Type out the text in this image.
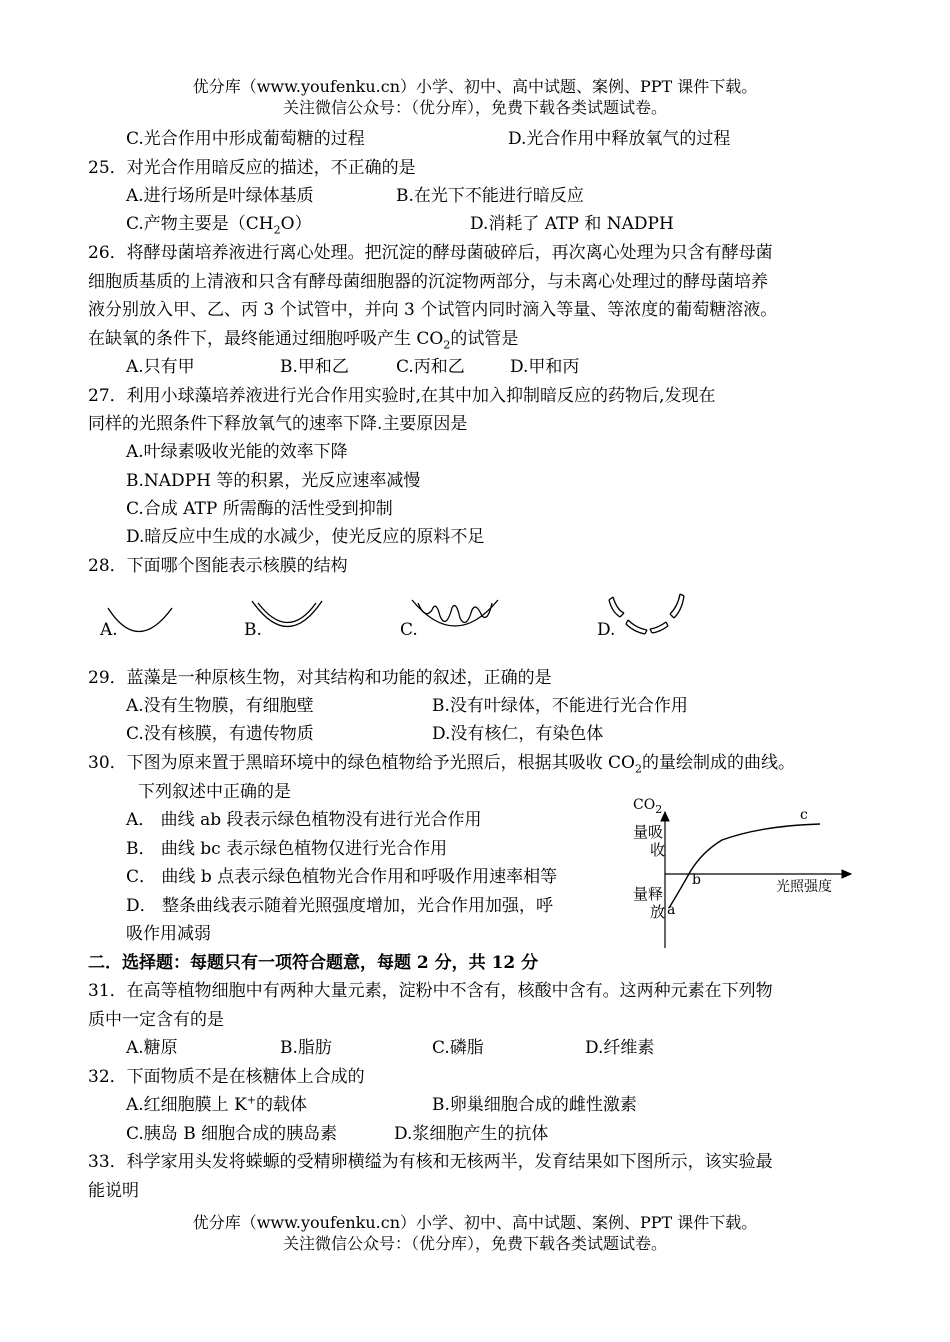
优分库（www.youfenku.cn）小学、初中、高中试题、案例、PPT 课件下载。
关注微信公众号：（优分库），免费下载各类试题试卷。
C.光合作用中形成葡萄糖的过程	D.光合作用中释放氧气的过程
25．对光合作用暗反应的描述，不正确的是
A.进行场所是叶绿体基质	B.在光下不能进行暗反应
C.产物主要是$(CH_2O)$	D.消耗了 ATP 和 NADPH
26．将酵母菌培养液进行离心处理。把沉淀的酵母菌破碎后，再次离心处理为只含有酵母菌
细胞质基质的上清液和只含有酵母菌细胞器的沉淀物两部分，与未离心处理过的酵母菌培养
液分别放入甲、乙、丙 3 个试管中，并向 3 个试管内同时滴入等量、等浓度的葡萄糖溶液。
在缺氧的条件下，最终能通过细胞呼吸产生 $CO_2$的试管是
A.只有甲	B.甲和乙	C.丙和乙	D.甲和丙
27．利用小球藻培养液进行光合作用实验时,在其中加入抑制暗反应的药物后,发现在
同样的光照条件下释放氧气的速率下降.主要原因是
A.叶绿素吸收光能的效率下降
B.NADPH 等的积累，光反应速率减慢
C.合成 ATP 所需酶的活性受到抑制
D.暗反应中生成的水减少，使光反应的原料不足
28．下面哪个图能表示核膜的结构
A.	B.	C.	D.
29．蓝藻是一种原核生物，对其结构和功能的叙述，正确的是
A.没有生物膜，有细胞壁	B.没有叶绿体，不能进行光合作用
C.没有核膜，有遗传物质	D.没有核仁，有染色体
30．下图为原来置于黑暗环境中的绿色植物给予光照后，根据其吸收 $CO_2$的量绘制成的曲线。
下列叙述中正确的是
A． 曲线 ab 段表示绿色植物没有进行光合作用
B． 曲线 bc 表示绿色植物仅进行光合作用
C． 曲线 b 点表示绿色植物光合作用和呼吸作用速率相等
D． 整条曲线表示随着光照强度增加，光合作用加强，呼
吸作用减弱
$CO_2$
量吸
收
量释
放
光照强度
a
b
c
二．选择题：每题只有一项符合题意，每题 2 分，共 12 分
31．在高等植物细胞中有两种大量元素，淀粉中不含有，核酸中含有。这两种元素在下列物
质中一定含有的是
A.糖原	B.脂肪	C.磷脂	D.纤维素
32．下面物质不是在核糖体上合成的
A.红细胞膜上 K+的载体	B.卵巢细胞合成的雌性激素
C.胰岛 B 细胞合成的胰岛素	D.浆细胞产生的抗体
33．科学家用头发将蝾螈的受精卵横缢为有核和无核两半，发育结果如下图所示，该实验最
能说明
优分库（www.youfenku.cn）小学、初中、高中试题、案例、PPT 课件下载。
关注微信公众号：（优分库），免费下载各类试题试卷。
